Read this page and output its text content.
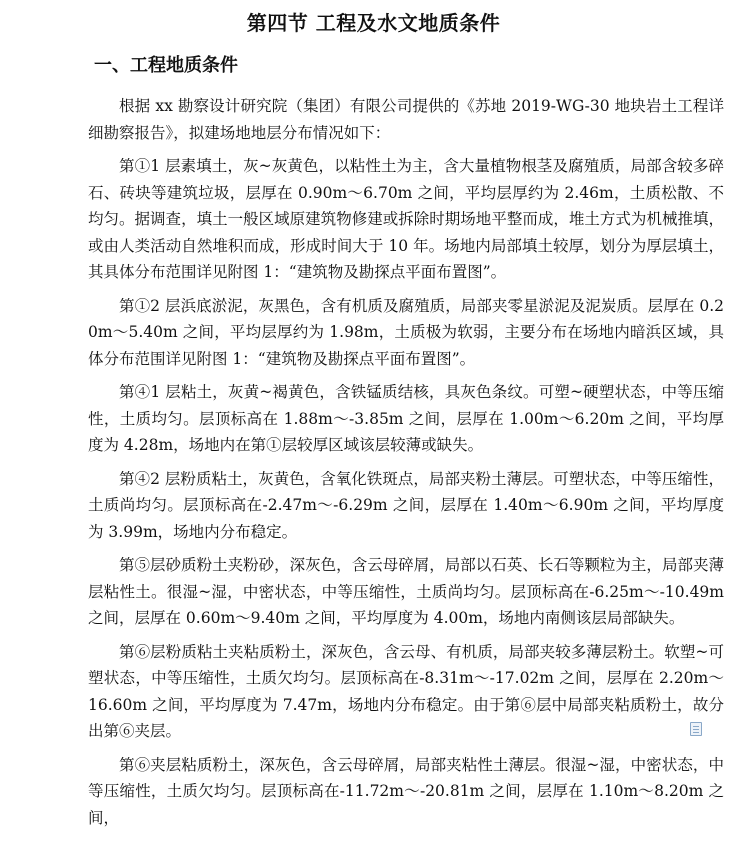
第四节 工程及水文地质条件
一、工程地质条件

根据 xx 勘察设计研究院（集团）有限公司提供的《苏地 2019-WG-30 地块岩土工程详细勘察报告》，拟建场地地层分布情况如下：

第①1 层素填土，灰~灰黄色，以粘性土为主，含大量植物根茎及腐殖质，局部含较多碎石、砖块等建筑垃圾，层厚在 0.90m～6.70m 之间，平均层厚约为 2.46m，土质松散、不均匀。据调查，填土一般区域原建筑物修建或拆除时期场地平整而成，堆土方式为机械推填，或由人类活动自然堆积而成，形成时间大于 10 年。场地内局部填土较厚，划分为厚层填土，其具体分布范围详见附图 1：“建筑物及勘探点平面布置图”。

第①2 层浜底淤泥，灰黑色，含有机质及腐殖质，局部夹零星淤泥及泥炭质。层厚在 0.20m～5.40m 之间，平均层厚约为 1.98m，土质极为软弱，主要分布在场地内暗浜区域，具体分布范围详见附图 1：“建筑物及勘探点平面布置图”。

第④1 层粘土，灰黄~褐黄色，含铁锰质结核，具灰色条纹。可塑~硬塑状态，中等压缩性，土质均匀。层顶标高在 1.88m～-3.85m 之间，层厚在 1.00m～6.20m 之间，平均厚度为 4.28m，场地内在第①层较厚区域该层较薄或缺失。

第④2 层粉质粘土，灰黄色，含氧化铁斑点，局部夹粉土薄层。可塑状态，中等压缩性，土质尚均匀。层顶标高在-2.47m～-6.29m 之间，层厚在 1.40m～6.90m 之间，平均厚度为 3.99m，场地内分布稳定。

第⑤层砂质粉土夹粉砂，深灰色，含云母碎屑，局部以石英、长石等颗粒为主，局部夹薄层粘性土。很湿~湿，中密状态，中等压缩性，土质尚均匀。层顶标高在-6.25m～-10.49m 之间，层厚在 0.60m～9.40m 之间，平均厚度为 4.00m，场地内南侧该层局部缺失。

第⑥层粉质粘土夹粘质粉土，深灰色，含云母、有机质，局部夹较多薄层粉土。软塑~可塑状态，中等压缩性，土质欠均匀。层顶标高在-8.31m～-17.02m 之间，层厚在 2.20m～16.60m 之间，平均厚度为 7.47m，场地内分布稳定。由于第⑥层中局部夹粘质粉土，故分出第⑥夹层。

第⑥夹层粘质粉土，深灰色，含云母碎屑，局部夹粘性土薄层。很湿~湿，中密状态，中等压缩性，土质欠均匀。层顶标高在-11.72m～-20.81m 之间，层厚在 1.10m～8.20m 之间，
